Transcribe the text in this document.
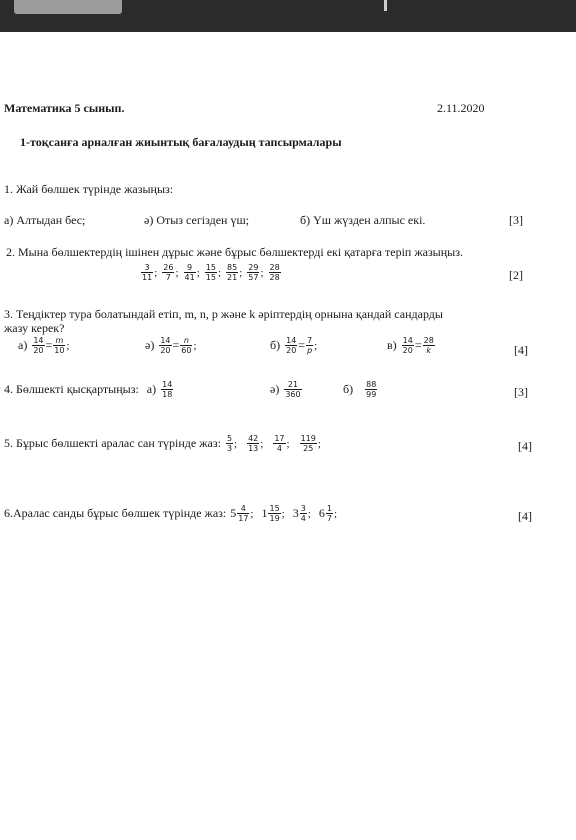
Математика 5 сынып.	2.11.2020
1-тоқсанға арналған жиынтық бағалаудың тапсырмалары
1. Жай бөлшек түрінде жазыңыз:
а) Алтыдан бес;	ә) Отыз сегізден үш;	б) Үш жүзден алпыс екі.	[3]
2. Мына бөлшектердің ішінен дұрыс және бұрыс бөлшектерді екі қатарға теріп жазыңыз.
$\frac{3}{11}$ ; $\frac{26}{7}$ ; $\frac{9}{41}$ ; $\frac{15}{15}$ ; $\frac{85}{21}$ ; $\frac{29}{57}$ ; $\frac{28}{28}$	[2]
3. Теңдіктер тура болатындай етіп, m, n, p және k әріптердің орнына қандай сандарды
жазу керек?
$а) \frac{14}{20} = \frac{m}{10}$ ;	$ә) \frac{14}{20} = \frac{n}{60}$ ;	$б) \frac{14}{20} = \frac{7}{p}$ ;	$в) \frac{14}{20} = \frac{28}{k}$	[4]
4. Бөлшекті қысқартыңыз: $а) \frac{14}{18}$	$ә) \frac{21}{360}$	$б) \frac{88}{99}$	[3]
5. Бұрыс бөлшекті аралас сан түрінде жаз: $\frac{5}{3}$ ; $\frac{42}{13}$ ; $\frac{17}{4}$ ; $\frac{119}{25}$ ;	[4]
6.Аралас санды бұрыс бөлшек түрінде жаз: $5 \frac{4}{17}$ ; $1 \frac{15}{19}$ ; $3 \frac{3}{4}$ ; $6 \frac{1}{7}$ ;	[4]
